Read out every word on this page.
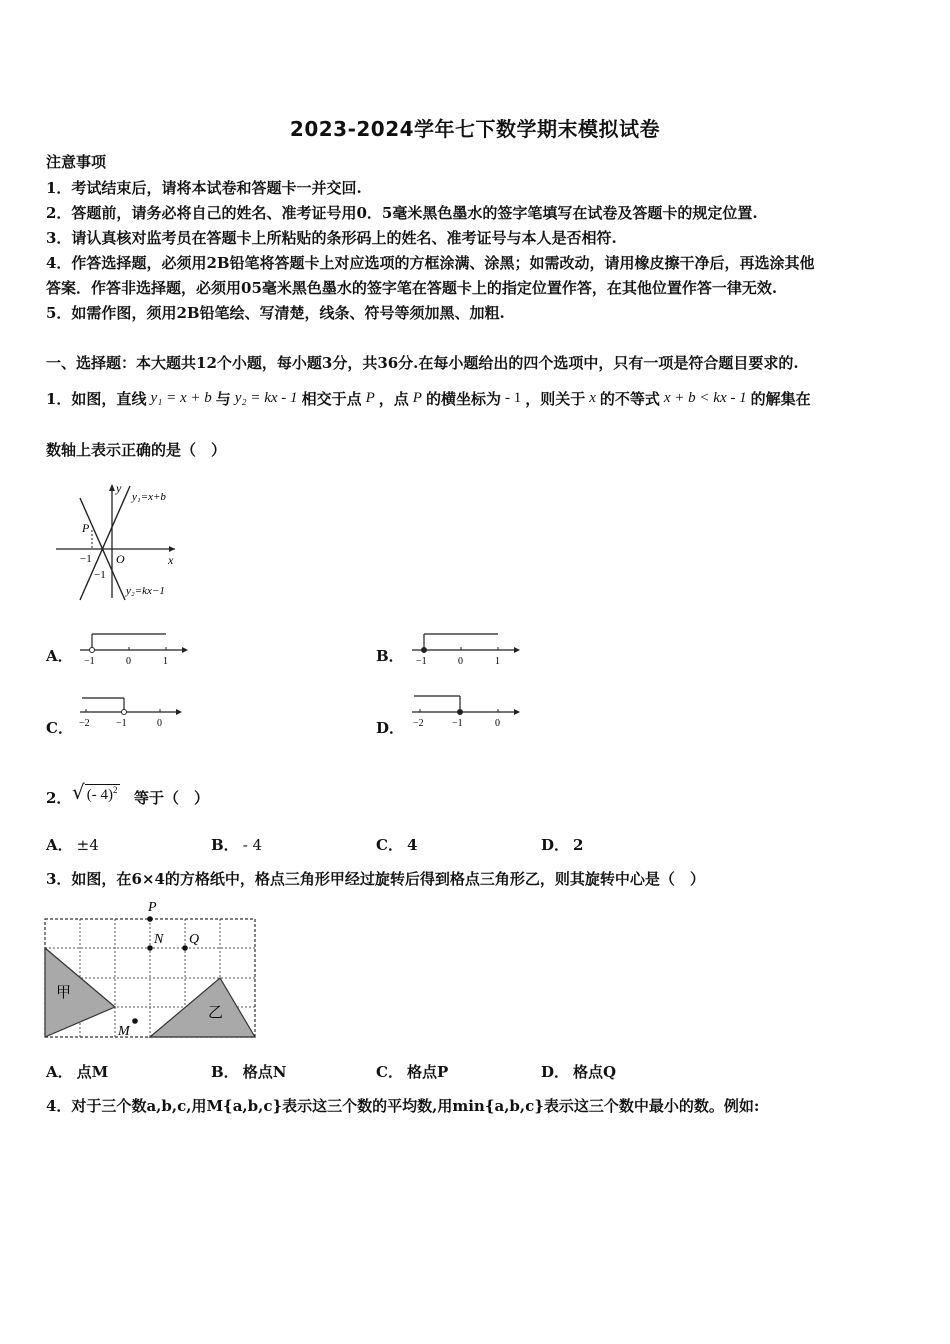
2023-2024学年七下数学期末模拟试卷
注意事项
1．考试结束后，请将本试卷和答题卡一并交回.
2．答题前，请务必将自己的姓名、准考证号用0．5毫米黑色墨水的签字笔填写在试卷及答题卡的规定位置.
3．请认真核对监考员在答题卡上所粘贴的条形码上的姓名、准考证号与本人是否相符.
4．作答选择题，必须用2B铅笔将答题卡上对应选项的方框涂满、涂黑；如需改动，请用橡皮擦干净后，再选涂其他
答案．作答非选择题，必须用05毫米黑色墨水的签字笔在答题卡上的指定位置作答，在其他位置作答一律无效.
5．如需作图，须用2B铅笔绘、写清楚，线条、符号等须加黑、加粗.
一、选择题：本大题共12个小题，每小题3分，共36分.在每小题给出的四个选项中，只有一项是符合题目要求的.
1．如图，直线 y₁ = x + b 与 y₂ = kx - 1 相交于点 P ，点 P 的横坐标为 - 1 ，则关于 x 的不等式 x + b < kx - 1 的解集在
数轴上表示正确的是（　）
P
y
x
O
−1
−1
y₁=x+b
y₂=kx−1
A． −1	0	1	B． −1	0	1
C． −2	−1	0	D． −2	−1	0
2． √ (- 4)$^2$ 等于（　）
A． ±4	B． - 4	C． 4	D． 2
3．如图，在6×4的方格纸中，格点三角形甲经过旋转后得到格点三角形乙，则其旋转中心是（　）
甲
乙
P
N Q
M
A． 点M	B． 格点N	C． 格点P	D． 格点Q
4．对于三个数a,b,c,用M{a,b,c}表示这三个数的平均数,用min{a,b,c}表示这三个数中最小的数。例如:
